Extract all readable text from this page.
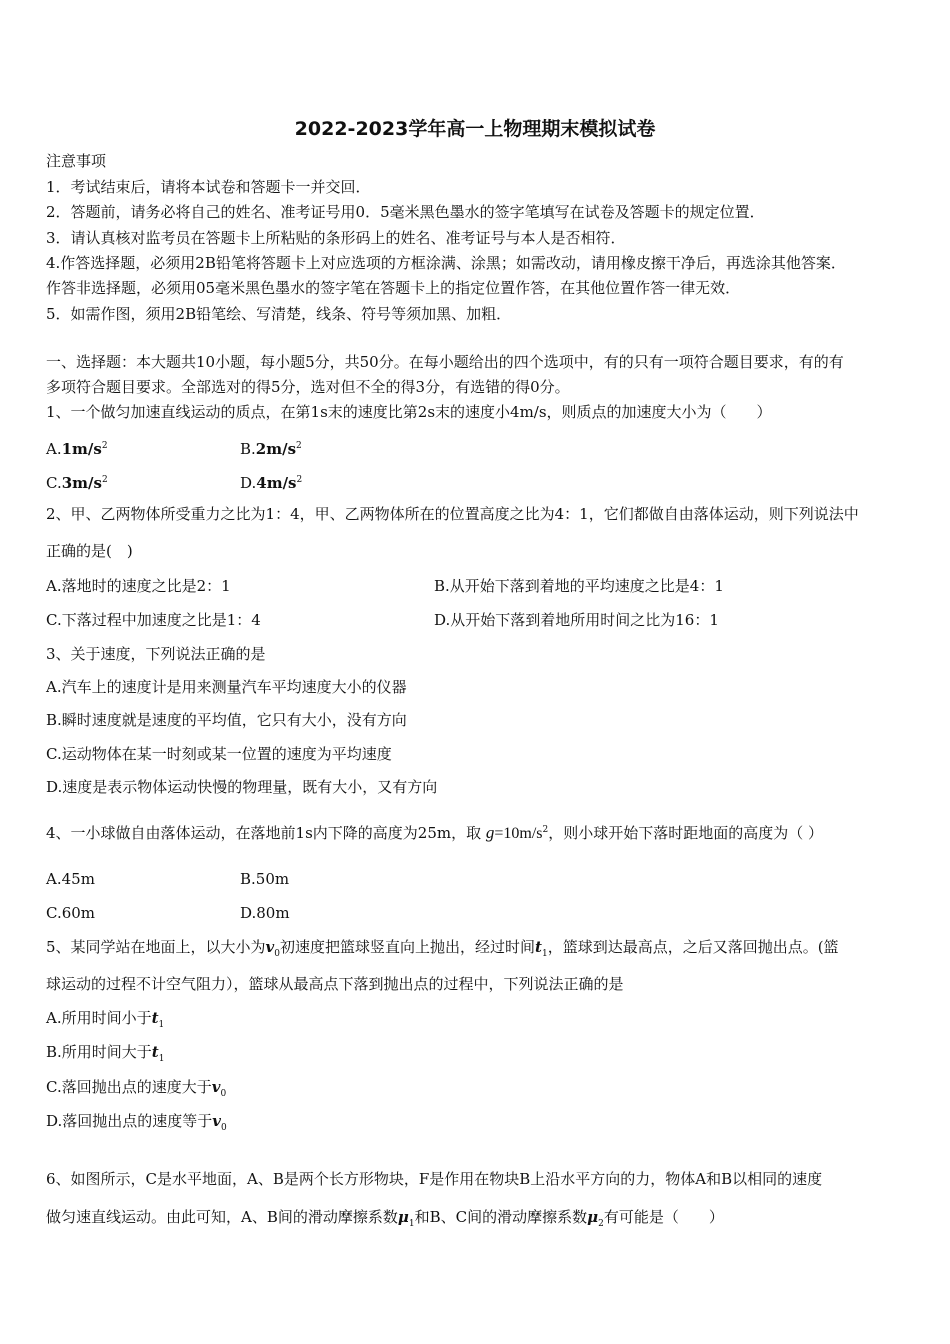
2022-2023学年高一上物理期末模拟试卷
注意事项
1．考试结束后，请将本试卷和答题卡一并交回．
2．答题前，请务必将自己的姓名、准考证号用0．5毫米黑色墨水的签字笔填写在试卷及答题卡的规定位置．
3．请认真核对监考员在答题卡上所粘贴的条形码上的姓名、准考证号与本人是否相符．
4.作答选择题，必须用2B铅笔将答题卡上对应选项的方框涂满、涂黑；如需改动，请用橡皮擦干净后，再选涂其他答案．
作答非选择题，必须用05毫米黑色墨水的签字笔在答题卡上的指定位置作答，在其他位置作答一律无效．
5．如需作图，须用2B铅笔绘、写清楚，线条、符号等须加黑、加粗．
一、选择题：本大题共10小题，每小题5分，共50分。在每小题给出的四个选项中，有的只有一项符合题目要求，有的有
多项符合题目要求。全部选对的得5分，选对但不全的得3分，有选错的得0分。
1、一个做匀加速直线运动的质点，在第1s末的速度比第2s末的速度小4m/s，则质点的加速度大小为（　　）
$A.1m/s^2$	$B.2m/s^2$
$C.3m/s^2$	$D.4m/s^2$
2、甲、乙两物体所受重力之比为1：4，甲、乙两物体所在的位置高度之比为4：1，它们都做自由落体运动，则下列说法中
正确的是(　)
A.落地时的速度之比是2：1	B.从开始下落到着地的平均速度之比是4：1
C.下落过程中加速度之比是1：4	D.从开始下落到着地所用时间之比为16：1
3、关于速度，下列说法正确的是
A.汽车上的速度计是用来测量汽车平均速度大小的仪器
B.瞬时速度就是速度的平均值，它只有大小，没有方向
C.运动物体在某一时刻或某一位置的速度为平均速度
D.速度是表示物体运动快慢的物理量，既有大小，又有方向
4、一小球做自由落体运动，在落地前1s内下降的高度为25m，取 $g=10m/s^2$，则小球开始下落时距地面的高度为（ ）
A.45m	B.50m
C.60m	D.80m
5、某同学站在地面上，以大小为$v_0$初速度把篮球竖直向上抛出，经过时间$t_1$，篮球到达最高点，之后又落回抛出点。(篮
球运动的过程不计空气阻力），篮球从最高点下落到抛出点的过程中，下列说法正确的是
A.所用时间小于$t_1$
B.所用时间大于$t_1$
C.落回抛出点的速度大于$v_0$
D.落回抛出点的速度等于$v_0$
6、如图所示，C是水平地面，A、B是两个长方形物块，F是作用在物块B上沿水平方向的力，物体A和B以相同的速度
做匀速直线运动。由此可知，A、B间的滑动摩擦系数$\mu_1$和B、C间的滑动摩擦系数$\mu_2$有可能是（　　）
